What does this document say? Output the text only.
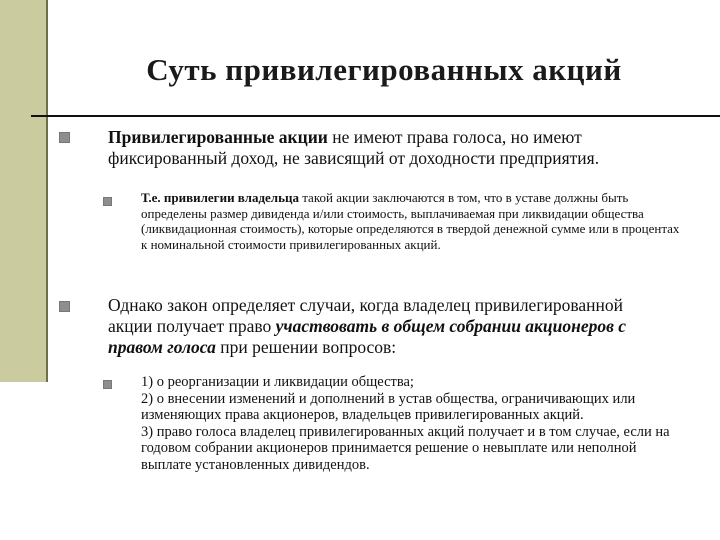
Суть привилегированных акций

Привилегированные акции не имеют права голоса, но имеют фиксированный доход, не зависящий от доходности предприятия.

Т.е. привилегии владельца такой акции заключаются в том, что в уставе должны быть определены размер дивиденда и/или стоимость, выплачиваемая при ликвидации общества (ликвидационная стоимость), которые определяются в твердой денежной сумме или в процентах к номинальной стоимости привилегированных акций.

Однако закон определяет случаи, когда владелец привилегированной акции получает право участвовать в общем собрании акционеров с правом голоса при решении вопросов:

1) о реорганизации и ликвидации общества;

2) о внесении изменений и дополнений в устав общества, ограничивающих или изменяющих права акционеров, владельцев привилегированных акций.

3) право голоса владелец привилегированных акций получает и в том случае, если на годовом собрании акционеров принимается решение о невыплате или неполной выплате установленных дивидендов.
